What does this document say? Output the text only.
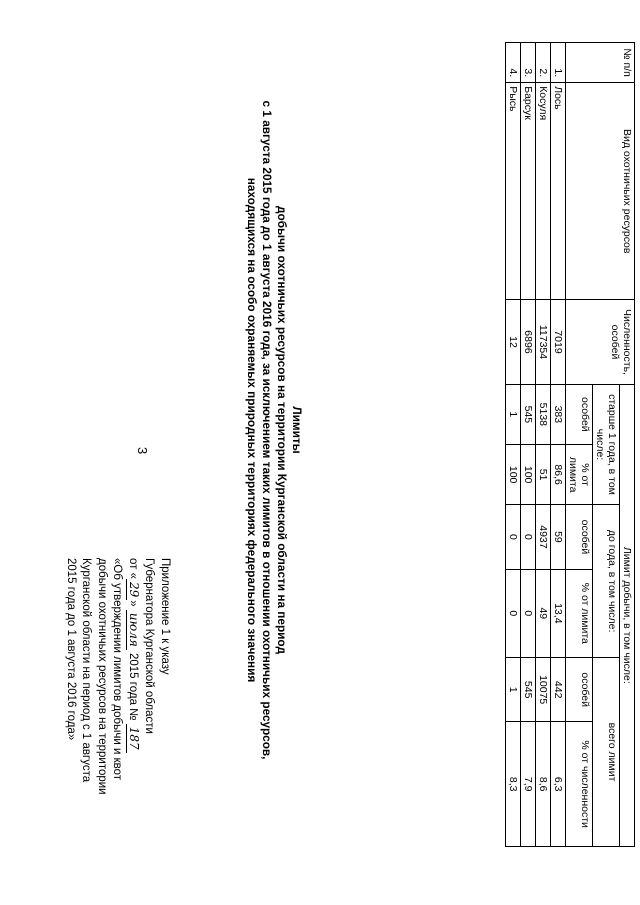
3
Приложение 1 к указу
Губернатора Курганской области
от «29» июля 2015 года № 187
«Об утверждении лимитов добычи и квот
добычи охотничьих ресурсов на территории
Курганской области на период с 1 августа
2015 года до 1 августа 2016 года»
Лимиты
добычи охотничьих ресурсов на территории Курганской области на период
с 1 августа 2015 года до 1 августа 2016 года, за исключением таких лимитов в отношении охотничьих ресурсов,
находящихся на особо охраняемых природных территориях федерального значения
№ п/п	Вид охотничьих ресурсов	Численность, особей	Лимит добычи, в том числе:					
			старше 1 года, в том числе:		до года, в том числе:		всего лимит	
			особей	% от лимита	особей	% от лимита	особей	% от численности
1.	Лось	7019	383	86,6	59	13,4	442	6,3
2.	Косуля	117354	5138	51	4937	49	10075	8,6
3.	Барсук	6896	545	100	0	0	545	7,9
4.	Рысь	12	1	100	0	0	1	8,3
